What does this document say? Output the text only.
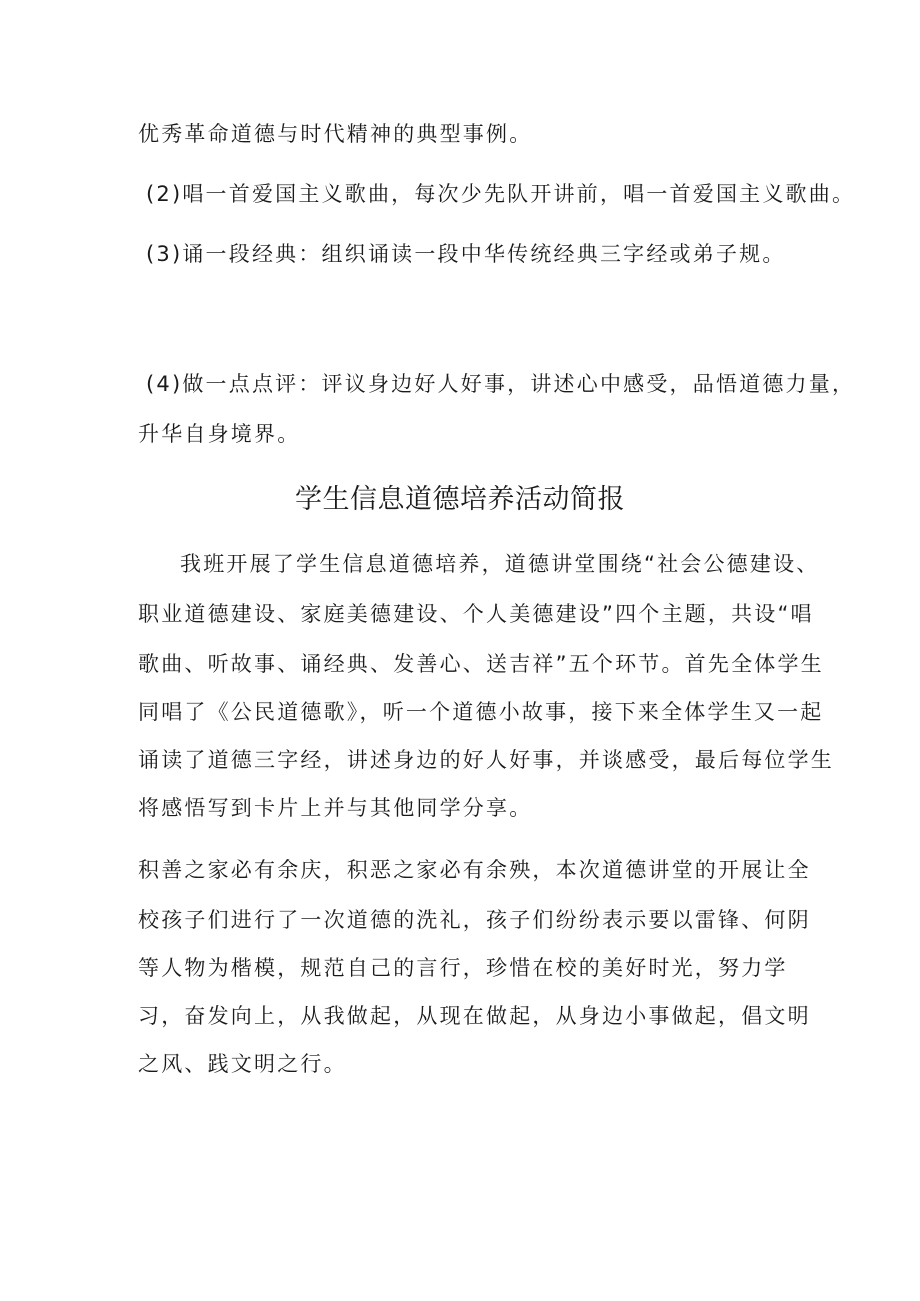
优秀革命道德与时代精神的典型事例。
(2)唱一首爱国主义歌曲，每次少先队开讲前，唱一首爱国主义歌曲。
(3)诵一段经典：组织诵读一段中华传统经典三字经或弟子规。
(4)做一点点评：评议身边好人好事，讲述心中感受，品悟道德力量，
升华自身境界。
学生信息道德培养活动简报
我班开展了学生信息道德培养，道德讲堂围绕“社会公德建设、
职业道德建设、家庭美德建设、个人美德建设”四个主题，共设“唱
歌曲、听故事、诵经典、发善心、送吉祥”五个环节。首先全体学生
同唱了《公民道德歌》，听一个道德小故事，接下来全体学生又一起
诵读了道德三字经，讲述身边的好人好事，并谈感受，最后每位学生
将感悟写到卡片上并与其他同学分享。
积善之家必有余庆，积恶之家必有余殃，本次道德讲堂的开展让全
校孩子们进行了一次道德的洗礼，孩子们纷纷表示要以雷锋、何阴
等人物为楷模，规范自己的言行，珍惜在校的美好时光，努力学
习，奋发向上，从我做起，从现在做起，从身边小事做起，倡文明
之风、践文明之行。
